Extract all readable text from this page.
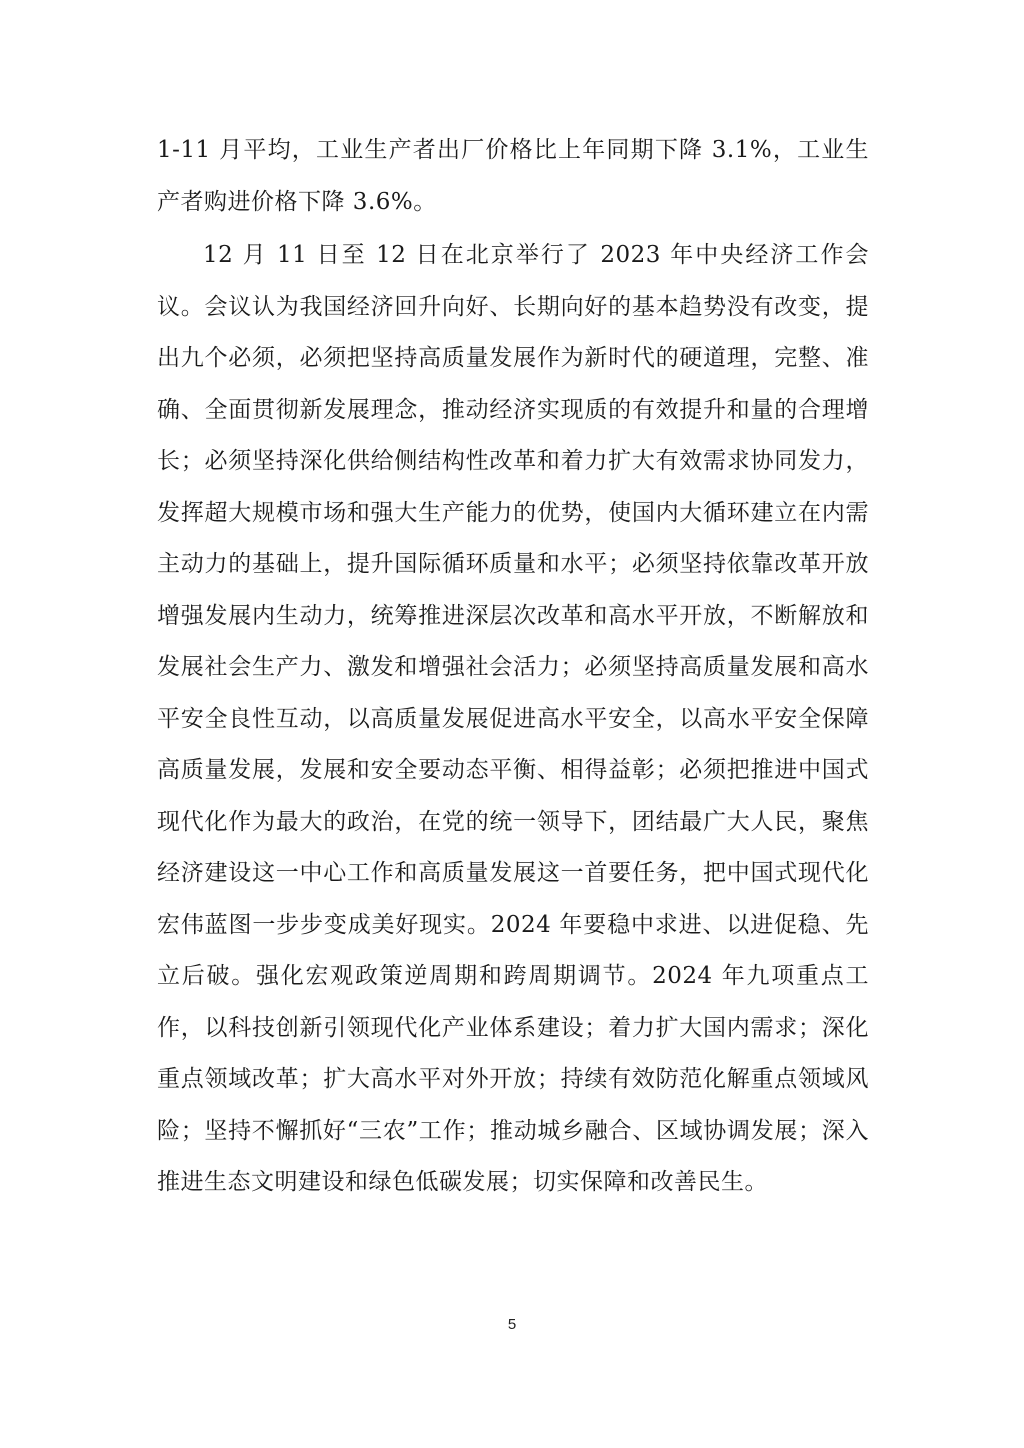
1-11 月平均，工业生产者出厂价格比上年同期下降 3.1%，工业生产者购进价格下降 3.6%。

12 月 11 日至 12 日在北京举行了 2023 年中央经济工作会议。会议认为我国经济回升向好、长期向好的基本趋势没有改变，提出九个必须，必须把坚持高质量发展作为新时代的硬道理，完整、准确、全面贯彻新发展理念，推动经济实现质的有效提升和量的合理增长；必须坚持深化供给侧结构性改革和着力扩大有效需求协同发力，发挥超大规模市场和强大生产能力的优势，使国内大循环建立在内需主动力的基础上，提升国际循环质量和水平；必须坚持依靠改革开放增强发展内生动力，统筹推进深层次改革和高水平开放，不断解放和发展社会生产力、激发和增强社会活力；必须坚持高质量发展和高水平安全良性互动，以高质量发展促进高水平安全，以高水平安全保障高质量发展，发展和安全要动态平衡、相得益彰；必须把推进中国式现代化作为最大的政治，在党的统一领导下，团结最广大人民，聚焦经济建设这一中心工作和高质量发展这一首要任务，把中国式现代化宏伟蓝图一步步变成美好现实。2024 年要稳中求进、以进促稳、先立后破。强化宏观政策逆周期和跨周期调节。2024 年九项重点工作，以科技创新引领现代化产业体系建设；着力扩大国内需求；深化重点领域改革；扩大高水平对外开放；持续有效防范化解重点领域风险；坚持不懈抓好“三农”工作；推动城乡融合、区域协调发展；深入推进生态文明建设和绿色低碳发展；切实保障和改善民生。

5
